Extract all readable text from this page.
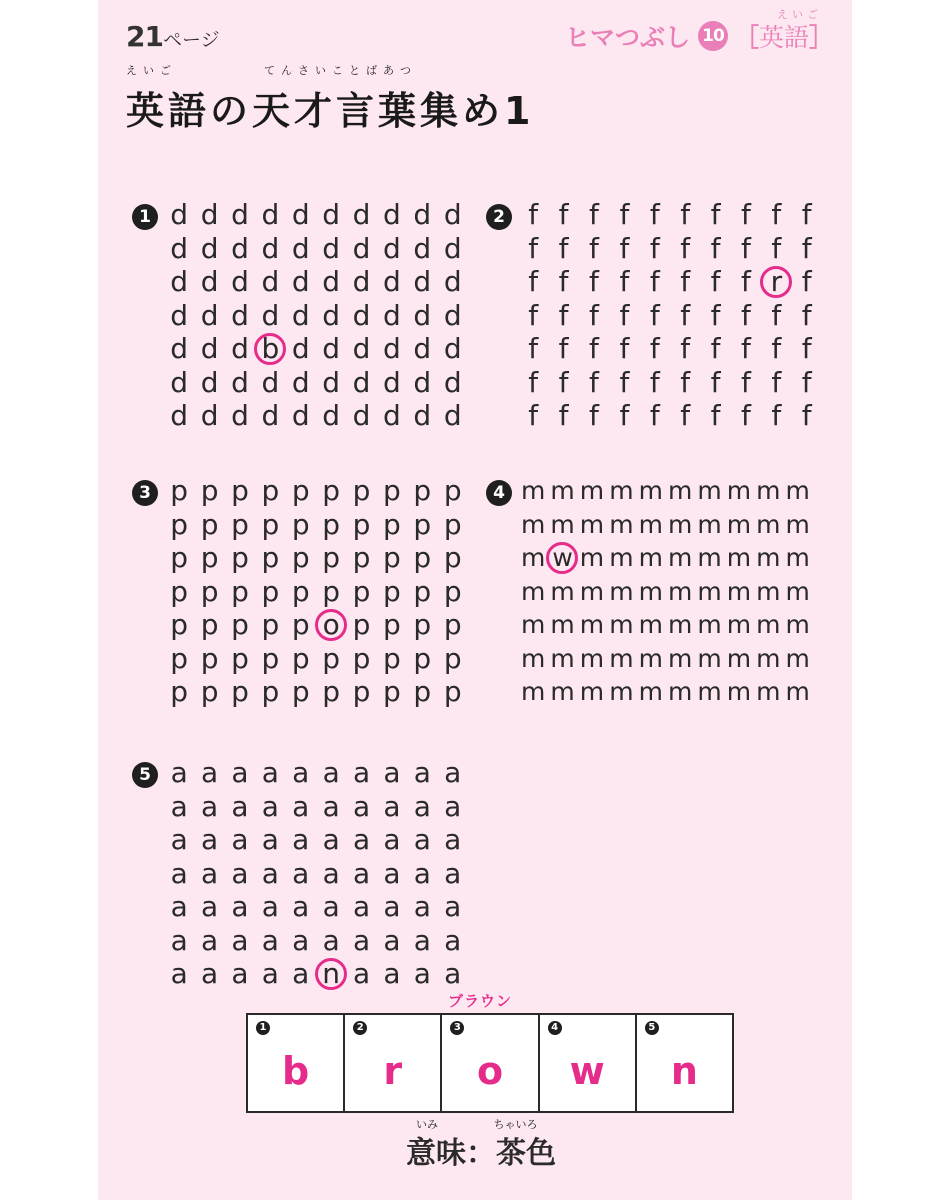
21ページ	ヒマつぶし 10 ［
えいご
英語 ］
えいご	てんさいことばあつ
英語の天才言葉集め1
1 d d d d d d d d d d
d d d d d d d d d d
d d d d d d d d d d
d d d d d d d d d d
d d d b d d d d d d
d d d d d d d d d d
d d d d d d d d d d
2 f f f f f f f f f f
f f f f f f f f f f
f f f f f f f f r f
f f f f f f f f f f
f f f f f f f f f f
f f f f f f f f f f
f f f f f f f f f f
3 p p p p p p p p p p
p p p p p p p p p p
p p p p p p p p p p
p p p p p p p p p p
p p p p p o p p p p
p p p p p p p p p p
p p p p p p p p p p
4 m m m m m m m m m m
m m m m m m m m m m
m w m m m m m m m m
m m m m m m m m m m
m m m m m m m m m m
m m m m m m m m m m
m m m m m m m m m m
5 a a a a a a a a a a
a a a a a a a a a a
a a a a a a a a a a
a a a a a a a a a a
a a a a a a a a a a
a a a a a a a a a a
a a a a a n a a a a
ブラウン
1
b
2
r
3
o
4
w
5
n
いみ	ちゃいろ
意味：茶色
